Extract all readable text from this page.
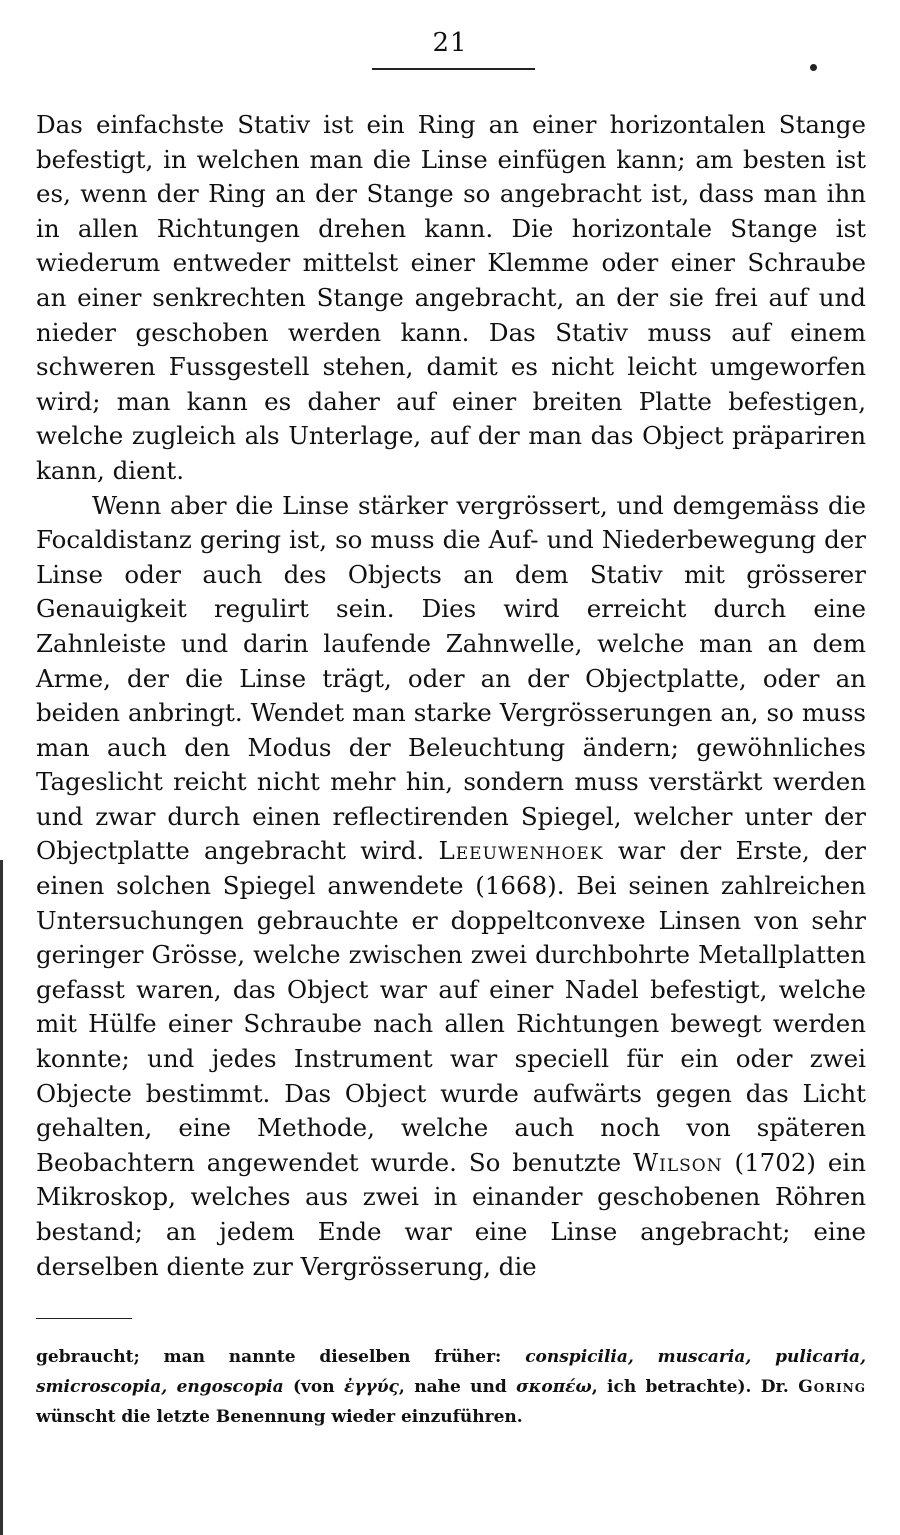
21

Das einfachste Stativ ist ein Ring an einer horizontalen Stange befestigt, in welchen man die Linse einfügen kann; am besten ist es, wenn der Ring an der Stange so angebracht ist, dass man ihn in allen Richtungen drehen kann. Die horizontale Stange ist wiederum entweder mittelst einer Klemme oder einer Schraube an einer senkrechten Stange angebracht, an der sie frei auf und nieder geschoben werden kann. Das Stativ muss auf einem schweren Fussgestell stehen, damit es nicht leicht umgeworfen wird; man kann es daher auf einer breiten Platte befestigen, welche zugleich als Unterlage, auf der man das Object präpariren kann, dient.

Wenn aber die Linse stärker vergrössert, und demgemäss die Focaldistanz gering ist, so muss die Auf- und Niederbewegung der Linse oder auch des Objects an dem Stativ mit grösserer Genauigkeit regulirt sein. Dies wird erreicht durch eine Zahnleiste und darin laufende Zahnwelle, welche man an dem Arme, der die Linse trägt, oder an der Objectplatte, oder an beiden anbringt. Wendet man starke Vergrösserungen an, so muss man auch den Modus der Beleuchtung ändern; gewöhnliches Tageslicht reicht nicht mehr hin, sondern muss verstärkt werden und zwar durch einen reflectirenden Spiegel, welcher unter der Objectplatte angebracht wird. Leeuwenhoek war der Erste, der einen solchen Spiegel anwendete (1668). Bei seinen zahlreichen Untersuchungen gebrauchte er doppeltconvexe Linsen von sehr geringer Grösse, welche zwischen zwei durchbohrte Metallplatten gefasst waren, das Object war auf einer Nadel befestigt, welche mit Hülfe einer Schraube nach allen Richtungen bewegt werden konnte; und jedes Instrument war speciell für ein oder zwei Objecte bestimmt. Das Object wurde aufwärts gegen das Licht gehalten, eine Methode, welche auch noch von späteren Beobachtern angewendet wurde. So benutzte Wilson (1702) ein Mikroskop, welches aus zwei in einander geschobenen Röhren bestand; an jedem Ende war eine Linse angebracht; eine derselben diente zur Vergrösserung, die

gebraucht; man nannte dieselben früher: conspicilia, muscaria, pulicaria, smicroscopia, engoscopia (von ἐγγύς, nahe und σκοπέω, ich betrachte). Dr. Goring wünscht die letzte Benennung wieder einzuführen.
